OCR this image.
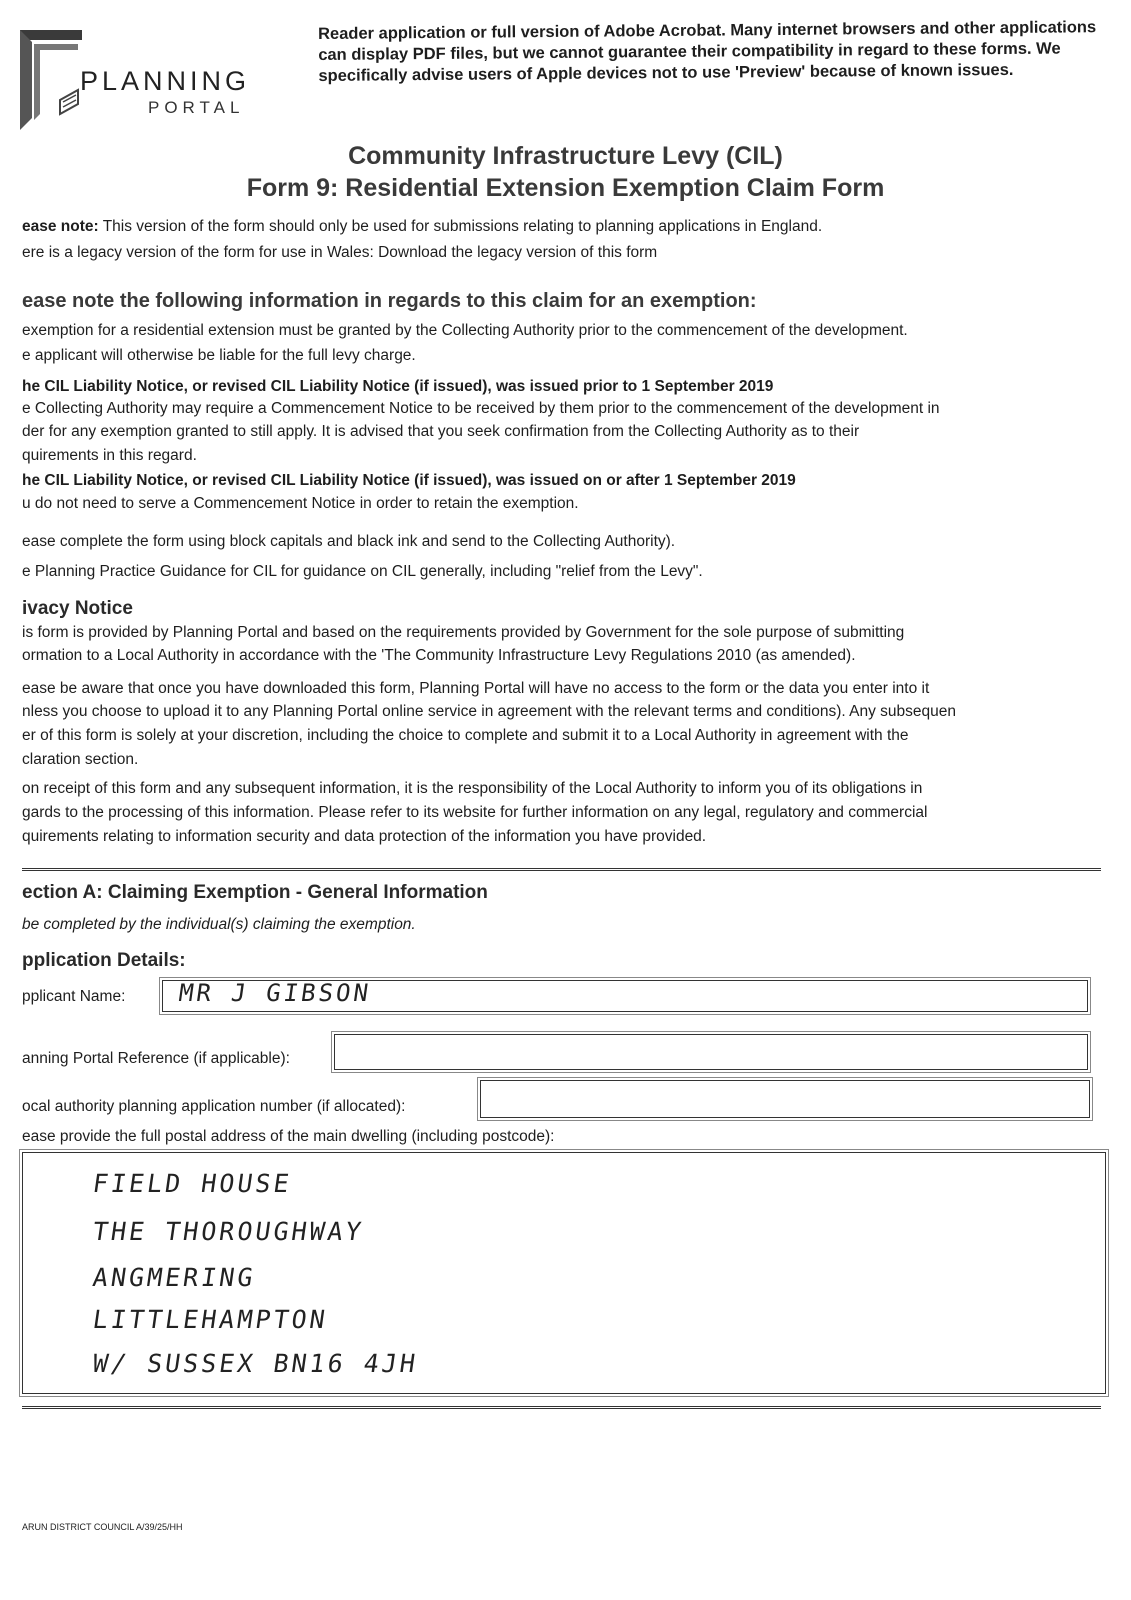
PLANNING
PORTAL
Reader application or full version of Adobe Acrobat. Many internet browsers and other applications can display PDF files, but we cannot guarantee their compatibility in regard to these forms. We specifically advise users of Apple devices not to use 'Preview' because of known issues.
Community Infrastructure Levy (CIL)
Form 9: Residential Extension Exemption Claim Form
ease note: This version of the form should only be used for submissions relating to planning applications in England.
ere is a legacy version of the form for use in Wales: Download the legacy version of this form
ease note the following information in regards to this claim for an exemption:
exemption for a residential extension must be granted by the Collecting Authority prior to the commencement of the development.
e applicant will otherwise be liable for the full levy charge.
he CIL Liability Notice, or revised CIL Liability Notice (if issued), was issued prior to 1 September 2019
e Collecting Authority may require a Commencement Notice to be received by them prior to the commencement of the development in
der for any exemption granted to still apply. It is advised that you seek confirmation from the Collecting Authority as to their
quirements in this regard.
he CIL Liability Notice, or revised CIL Liability Notice (if issued), was issued on or after 1 September 2019
u do not need to serve a Commencement Notice in order to retain the exemption.
ease complete the form using block capitals and black ink and send to the Collecting Authority).
e Planning Practice Guidance for CIL for guidance on CIL generally, including "relief from the Levy".
ivacy Notice
is form is provided by Planning Portal and based on the requirements provided by Government for the sole purpose of submitting
ormation to a Local Authority in accordance with the 'The Community Infrastructure Levy Regulations 2010 (as amended).
ease be aware that once you have downloaded this form, Planning Portal will have no access to the form or the data you enter into it
nless you choose to upload it to any Planning Portal online service in agreement with the relevant terms and conditions). Any subsequen
er of this form is solely at your discretion, including the choice to complete and submit it to a Local Authority in agreement with the
claration section.
on receipt of this form and any subsequent information, it is the responsibility of the Local Authority to inform you of its obligations in
gards to the processing of this information. Please refer to its website for further information on any legal, regulatory and commercial
quirements relating to information security and data protection of the information you have provided.
ection A: Claiming Exemption - General Information
be completed by the individual(s) claiming the exemption.
pplication Details:
pplicant Name: MR J GIBSON
anning Portal Reference (if applicable):
ocal authority planning application number (if allocated):
ease provide the full postal address of the main dwelling (including postcode):
FIELD HOUSE
THE THOROUGHWAY
ANGMERING
LITTLEHAMPTON
W/ SUSSEX BN16 4JH
ARUN DISTRICT COUNCIL A/39/25/HH
